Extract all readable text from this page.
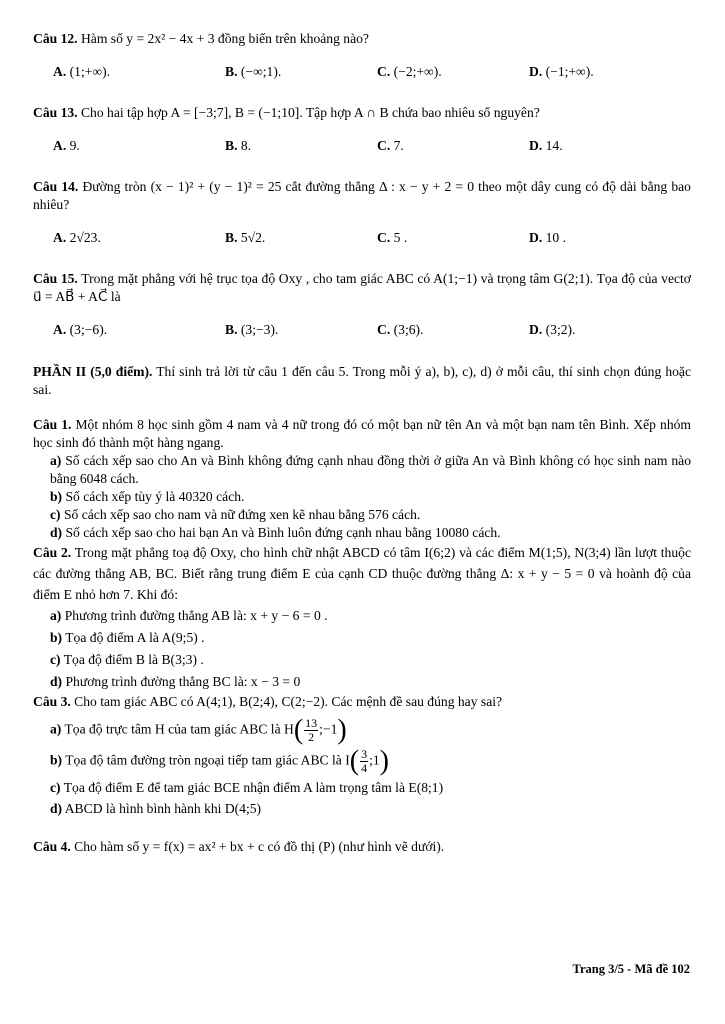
Câu 12. Hàm số y = 2x² − 4x + 3 đồng biến trên khoảng nào?

A. (1;+∞).	B. (−∞;1).	C. (−2;+∞).	D. (−1;+∞).

Câu 13. Cho hai tập hợp A = [−3;7], B = (−1;10]. Tập hợp A ∩ B chứa bao nhiêu số nguyên?

A. 9.	B. 8.	C. 7.	D. 14.

Câu 14. Đường tròn (x − 1)² + (y − 1)² = 25 cắt đường thẳng Δ : x − y + 2 = 0 theo một dây cung có độ dài bằng bao nhiêu?

A. 2√23.	B. 5√2.	C. 5 .	D. 10 .

Câu 15. Trong mặt phẳng với hệ trục tọa độ Oxy , cho tam giác ABC có A(1;−1) và trọng tâm G(2;1). Tọa độ của vectơ u⃗ = AB⃗ + AC⃗ là

A. (3;−6).	B. (3;−3).	C. (3;6).	D. (3;2).

PHẦN II (5,0 điểm). Thí sinh trả lời từ câu 1 đến câu 5. Trong mỗi ý a), b), c), d) ở mỗi câu, thí sinh chọn đúng hoặc sai.

Câu 1. Một nhóm 8 học sinh gồm 4 nam và 4 nữ trong đó có một bạn nữ tên An và một bạn nam tên Bình. Xếp nhóm học sinh đó thành một hàng ngang.

a) Số cách xếp sao cho An và Bình không đứng cạnh nhau đồng thời ở giữa An và Bình không có học sinh nam nào bằng 6048 cách.

b) Số cách xếp tùy ý là 40320 cách.

c) Số cách xếp sao cho nam và nữ đứng xen kẽ nhau bằng 576 cách.

d) Số cách xếp sao cho hai bạn An và Bình luôn đứng cạnh nhau bằng 10080 cách.

Câu 2. Trong mặt phẳng toạ độ Oxy, cho hình chữ nhật ABCD có tâm I(6;2) và các điểm M(1;5), N(3;4) lần lượt thuộc các đường thẳng AB, BC. Biết rằng trung điểm E của cạnh CD thuộc đường thẳng Δ: x + y − 5 = 0 và hoành độ của điểm E nhỏ hơn 7. Khi đó:

a) Phương trình đường thẳng AB là: x + y − 6 = 0 .

b) Tọa độ điểm A là A(9;5) .

c) Tọa độ điểm B là B(3;3) .

d) Phương trình đường thẳng BC là: x − 3 = 0

Câu 3. Cho tam giác ABC có A(4;1), B(2;4), C(2;−2). Các mệnh đề sau đúng hay sai?

a) Tọa độ trực tâm H của tam giác ABC là $H( \frac{13}{2}$ ;−1)

b) Tọa độ tâm đường tròn ngoại tiếp tam giác ABC là $I( \frac{3}{4}$ ;1)

c) Tọa độ điểm E để tam giác BCE nhận điểm A làm trọng tâm là E(8;1)

d) ABCD là hình bình hành khi D(4;5)

Câu 4. Cho hàm số y = f(x) = ax² + bx + c có đồ thị (P) (như hình vẽ dưới).

Trang 3/5 - Mã đề 102
